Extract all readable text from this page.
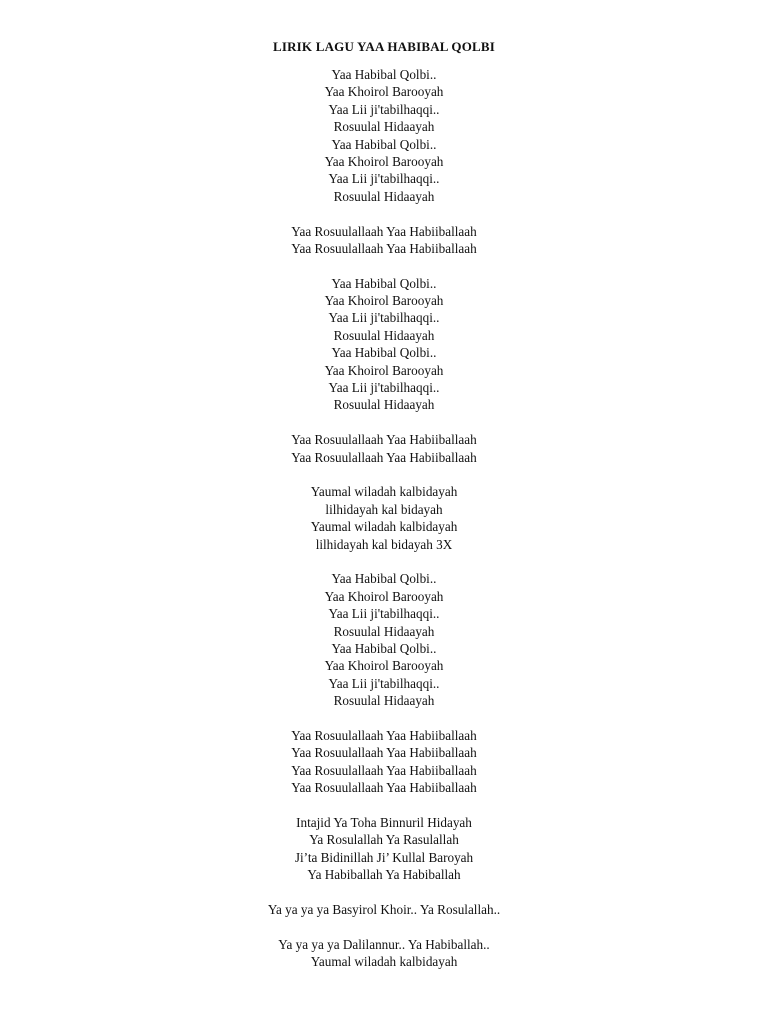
LIRIK LAGU YAA HABIBAL QOLBI
Yaa Habibal Qolbi..
Yaa Khoirol Barooyah
Yaa Lii ji'tabilhaqqi..
Rosuulal Hidaayah
Yaa Habibal Qolbi..
Yaa Khoirol Barooyah
Yaa Lii ji'tabilhaqqi..
Rosuulal Hidaayah
Yaa Rosuulallaah Yaa Habiiballaah
Yaa Rosuulallaah Yaa Habiiballaah
Yaa Habibal Qolbi..
Yaa Khoirol Barooyah
Yaa Lii ji'tabilhaqqi..
Rosuulal Hidaayah
Yaa Habibal Qolbi..
Yaa Khoirol Barooyah
Yaa Lii ji'tabilhaqqi..
Rosuulal Hidaayah
Yaa Rosuulallaah Yaa Habiiballaah
Yaa Rosuulallaah Yaa Habiiballaah
Yaumal wiladah kalbidayah
lilhidayah kal bidayah
Yaumal wiladah kalbidayah
lilhidayah kal bidayah 3X
Yaa Habibal Qolbi..
Yaa Khoirol Barooyah
Yaa Lii ji'tabilhaqqi..
Rosuulal Hidaayah
Yaa Habibal Qolbi..
Yaa Khoirol Barooyah
Yaa Lii ji'tabilhaqqi..
Rosuulal Hidaayah
Yaa Rosuulallaah Yaa Habiiballaah
Yaa Rosuulallaah Yaa Habiiballaah
Yaa Rosuulallaah Yaa Habiiballaah
Yaa Rosuulallaah Yaa Habiiballaah
Intajid Ya Toha Binnuril Hidayah
Ya Rosulallah Ya Rasulallah
Ji’ta Bidinillah Ji’ Kullal Baroyah
Ya Habiballah Ya Habiballah
Ya ya ya ya Basyirol Khoir.. Ya Rosulallah..
Ya ya ya ya Dalilannur.. Ya Habiballah..
Yaumal wiladah kalbidayah
